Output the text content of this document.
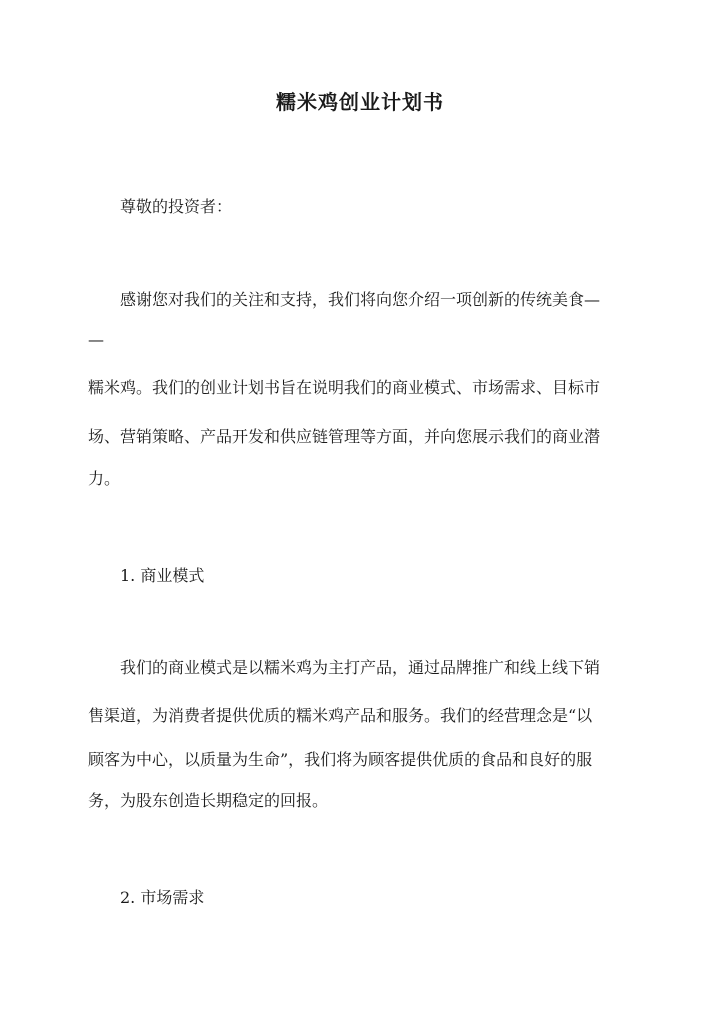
糯米鸡创业计划书
尊敬的投资者：
感谢您对我们的关注和支持，我们将向您介绍一项创新的传统美食—
—
糯米鸡。我们的创业计划书旨在说明我们的商业模式、市场需求、目标市
场、营销策略、产品开发和供应链管理等方面，并向您展示我们的商业潜
力。
1. 商业模式
我们的商业模式是以糯米鸡为主打产品，通过品牌推广和线上线下销
售渠道，为消费者提供优质的糯米鸡产品和服务。我们的经营理念是“以
顾客为中心，以质量为生命”，我们将为顾客提供优质的食品和良好的服
务，为股东创造长期稳定的回报。
2. 市场需求
